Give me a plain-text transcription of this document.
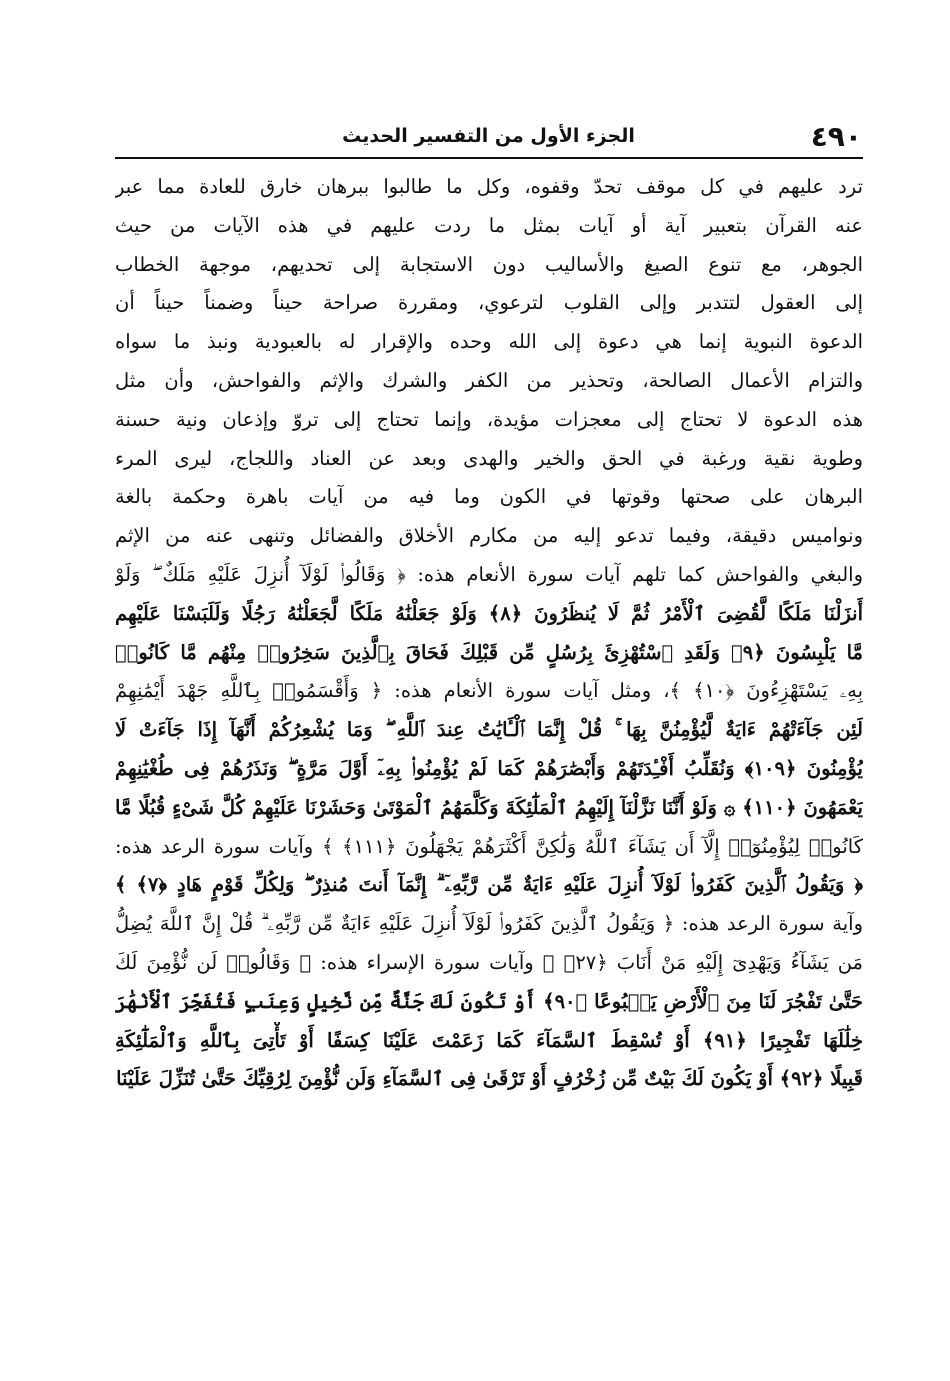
٤٩٠
الجزء الأول من التفسير الحديث
ترد عليهم في كل موقف تحدّ وقفوه، وكل ما طالبوا ببرهان خارق للعادة مما عبر
عنه القرآن بتعبير آية أو آيات بمثل ما ردت عليهم في هذه الآيات من حيث
الجوهر، مع تنوع الصيغ والأساليب دون الاستجابة إلى تحديهم، موجهة الخطاب
إلى العقول لتتدبر وإلى القلوب لترعوي، ومقررة صراحة حيناً وضمناً حيناً أن
الدعوة النبوية إنما هي دعوة إلى الله وحده والإقرار له بالعبودية ونبذ ما سواه
والتزام الأعمال الصالحة، وتحذير من الكفر والشرك والإثم والفواحش، وأن مثل
هذه الدعوة لا تحتاج إلى معجزات مؤيدة، وإنما تحتاج إلى تروّ وإذعان ونية حسنة
وطوية نقية ورغبة في الحق والخير والهدى وبعد عن العناد واللجاج، ليرى المرء
البرهان على صحتها وقوتها في الكون وما فيه من آيات باهرة وحكمة بالغة
ونواميس دقيقة، وفيما تدعو إليه من مكارم الأخلاق والفضائل وتنهى عنه من الإثم
والبغي والفواحش كما تلهم آيات سورة الأنعام هذه: ﴿ وَقَالُوا۟ لَوْلَآ أُنزِلَ عَلَيْهِ مَلَكٌ ۖ وَلَوْ
أَنزَلْنَا مَلَكًا لَّقُضِىَ ٱلْأَمْرُ ثُمَّ لَا يُنظَرُونَ ﴿٨﴾ وَلَوْ جَعَلْنَٰهُ مَلَكًا لَّجَعَلْنَٰهُ رَجُلًا وَلَلَبَسْنَا عَلَيْهِم
مَّا يَلْبِسُونَ ﴿٩﴾ وَلَقَدِ ٱسْتُهْزِئَ بِرُسُلٍ مِّن قَبْلِكَ فَحَاقَ بِٱلَّذِينَ سَخِرُوا۟ مِنْهُم مَّا كَانُوا۟
بِهِۦ يَسْتَهْزِءُونَ ﴿١٠﴾ ﴾، ومثل آيات سورة الأنعام هذه: ﴿ وَأَقْسَمُوا۟ بِٱللَّهِ جَهْدَ أَيْمَٰنِهِمْ
لَئِن جَآءَتْهُمْ ءَايَةٌ لَّيُؤْمِنُنَّ بِهَا ۚ قُلْ إِنَّمَا ٱلْـَٔايَٰتُ عِندَ ٱللَّهِ ۖ وَمَا يُشْعِرُكُمْ أَنَّهَآ إِذَا جَآءَتْ لَا
يُؤْمِنُونَ ﴿١٠٩﴾ وَنُقَلِّبُ أَفْـِٔدَتَهُمْ وَأَبْصَٰرَهُمْ كَمَا لَمْ يُؤْمِنُوا۟ بِهِۦٓ أَوَّلَ مَرَّةٍ ۖ وَنَذَرُهُمْ فِى طُغْيَٰنِهِمْ
يَعْمَهُونَ ﴿١١٠﴾ ۞ وَلَوْ أَنَّنَا نَزَّلْنَآ إِلَيْهِمُ ٱلْمَلَٰٓئِكَةَ وَكَلَّمَهُمُ ٱلْمَوْتَىٰ وَحَشَرْنَا عَلَيْهِمْ كُلَّ شَىْءٍ قُبُلًا مَّا
كَانُوا۟ لِيُؤْمِنُوٓا۟ إِلَّآ أَن يَشَآءَ ٱللَّهُ وَلَٰكِنَّ أَكْثَرَهُمْ يَجْهَلُونَ ﴿١١١﴾ ﴾ وآيات سورة الرعد هذه:
﴿ وَيَقُولُ ٱلَّذِينَ كَفَرُوا۟ لَوْلَآ أُنزِلَ عَلَيْهِ ءَايَةٌ مِّن رَّبِّهِۦٓ ۗ إِنَّمَآ أَنتَ مُنذِرٌ ۖ وَلِكُلِّ قَوْمٍ هَادٍ ﴿٧﴾ ﴾
وآية سورة الرعد هذه: ﴿ وَيَقُولُ ٱلَّذِينَ كَفَرُوا۟ لَوْلَآ أُنزِلَ عَلَيْهِ ءَايَةٌ مِّن رَّبِّهِۦ ۗ قُلْ إِنَّ ٱللَّهَ يُضِلُّ
مَن يَشَآءُ وَيَهْدِىٓ إِلَيْهِ مَنْ أَنَابَ ﴿٢٧﴾ ﴾ وآيات سورة الإسراء هذه: ﴿ وَقَالُوا۟ لَن نُّؤْمِنَ لَكَ
حَتَّىٰ تَفْجُرَ لَنَا مِنَ ٱلْأَرْضِ يَنۢبُوعًا ﴿٩٠﴾ أَوْ تَكُونَ لَكَ جَنَّةٌ مِّن نَّخِيلٍ وَعِنَبٍ فَتُفَجِّرَ ٱلْأَنْهَٰرَ
خِلَٰلَهَا تَفْجِيرًا ﴿٩١﴾ أَوْ تُسْقِطَ ٱلسَّمَآءَ كَمَا زَعَمْتَ عَلَيْنَا كِسَفًا أَوْ تَأْتِىَ بِٱللَّهِ وَٱلْمَلَٰٓئِكَةِ
قَبِيلًا ﴿٩٢﴾ أَوْ يَكُونَ لَكَ بَيْتٌ مِّن زُخْرُفٍ أَوْ تَرْقَىٰ فِى ٱلسَّمَآءِ وَلَن نُّؤْمِنَ لِرُقِيِّكَ حَتَّىٰ تُنَزِّلَ عَلَيْنَا
